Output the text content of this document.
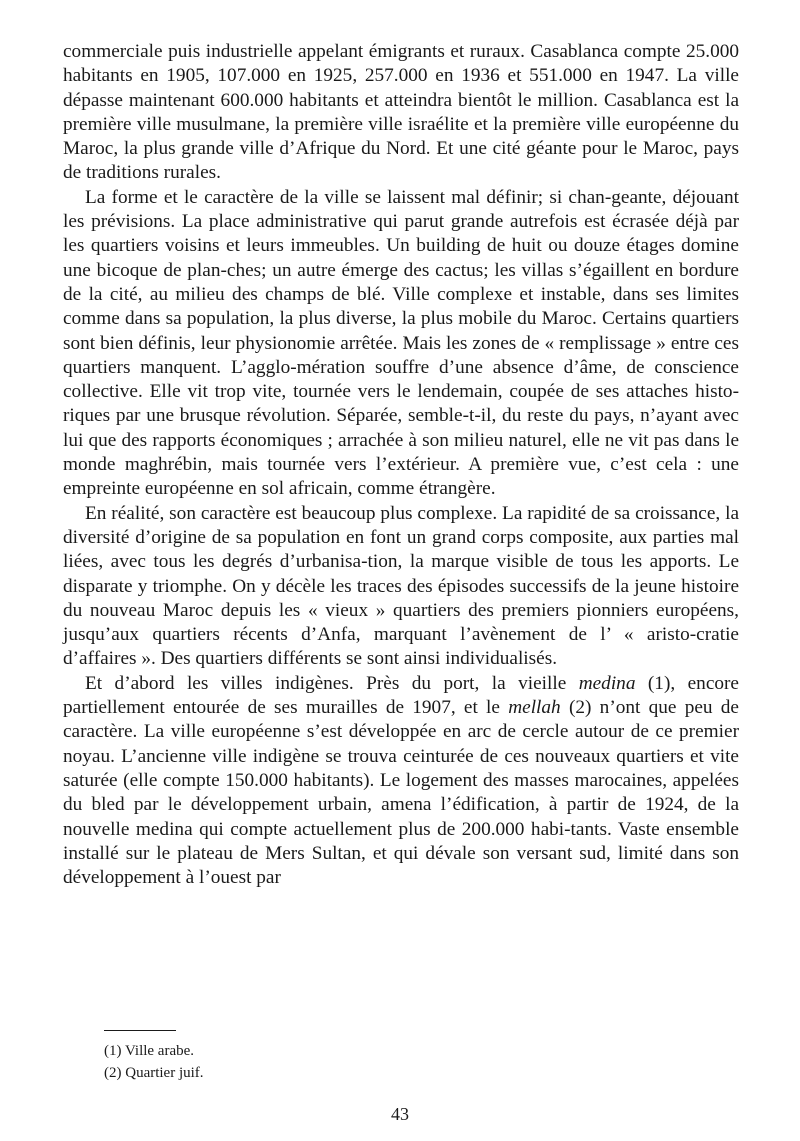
commerciale puis industrielle appelant émigrants et ruraux. Casablanca compte 25.000 habitants en 1905, 107.000 en 1925, 257.000 en 1936 et 551.000 en 1947. La ville dépasse maintenant 600.000 habitants et atteindra bientôt le million. Casablanca est la première ville musulmane, la première ville israélite et la première ville européenne du Maroc, la plus grande ville d’Afrique du Nord. Et une cité géante pour le Maroc, pays de traditions rurales.

La forme et le caractère de la ville se laissent mal définir; si chan-geante, déjouant les prévisions. La place administrative qui parut grande autrefois est écrasée déjà par les quartiers voisins et leurs immeubles. Un building de huit ou douze étages domine une bicoque de plan-ches; un autre émerge des cactus; les villas s’égaillent en bordure de la cité, au milieu des champs de blé. Ville complexe et instable, dans ses limites comme dans sa population, la plus diverse, la plus mobile du Maroc. Certains quartiers sont bien définis, leur physionomie arrêtée. Mais les zones de « remplissage » entre ces quartiers manquent. L’agglo-mération souffre d’une absence d’âme, de conscience collective. Elle vit trop vite, tournée vers le lendemain, coupée de ses attaches histo-riques par une brusque révolution. Séparée, semble-t-il, du reste du pays, n’ayant avec lui que des rapports économiques ; arrachée à son milieu naturel, elle ne vit pas dans le monde maghrébin, mais tournée vers l’extérieur. A première vue, c’est cela : une empreinte européenne en sol africain, comme étrangère.

En réalité, son caractère est beaucoup plus complexe. La rapidité de sa croissance, la diversité d’origine de sa population en font un grand corps composite, aux parties mal liées, avec tous les degrés d’urbanisa-tion, la marque visible de tous les apports. Le disparate y triomphe. On y décèle les traces des épisodes successifs de la jeune histoire du nouveau Maroc depuis les « vieux » quartiers des premiers pionniers européens, jusqu’aux quartiers récents d’Anfa, marquant l’avènement de l’ « aristo-cratie d’affaires ». Des quartiers différents se sont ainsi individualisés.

Et d’abord les villes indigènes. Près du port, la vieille medina (1), encore partiellement entourée de ses murailles de 1907, et le mellah (2) n’ont que peu de caractère. La ville européenne s’est développée en arc de cercle autour de ce premier noyau. L’ancienne ville indigène se trouva ceinturée de ces nouveaux quartiers et vite saturée (elle compte 150.000 habitants). Le logement des masses marocaines, appelées du bled par le développement urbain, amena l’édification, à partir de 1924, de la nouvelle medina qui compte actuellement plus de 200.000 habi-tants. Vaste ensemble installé sur le plateau de Mers Sultan, et qui dévale son versant sud, limité dans son développement à l’ouest par

(1) Ville arabe.

(2) Quartier juif.

43
